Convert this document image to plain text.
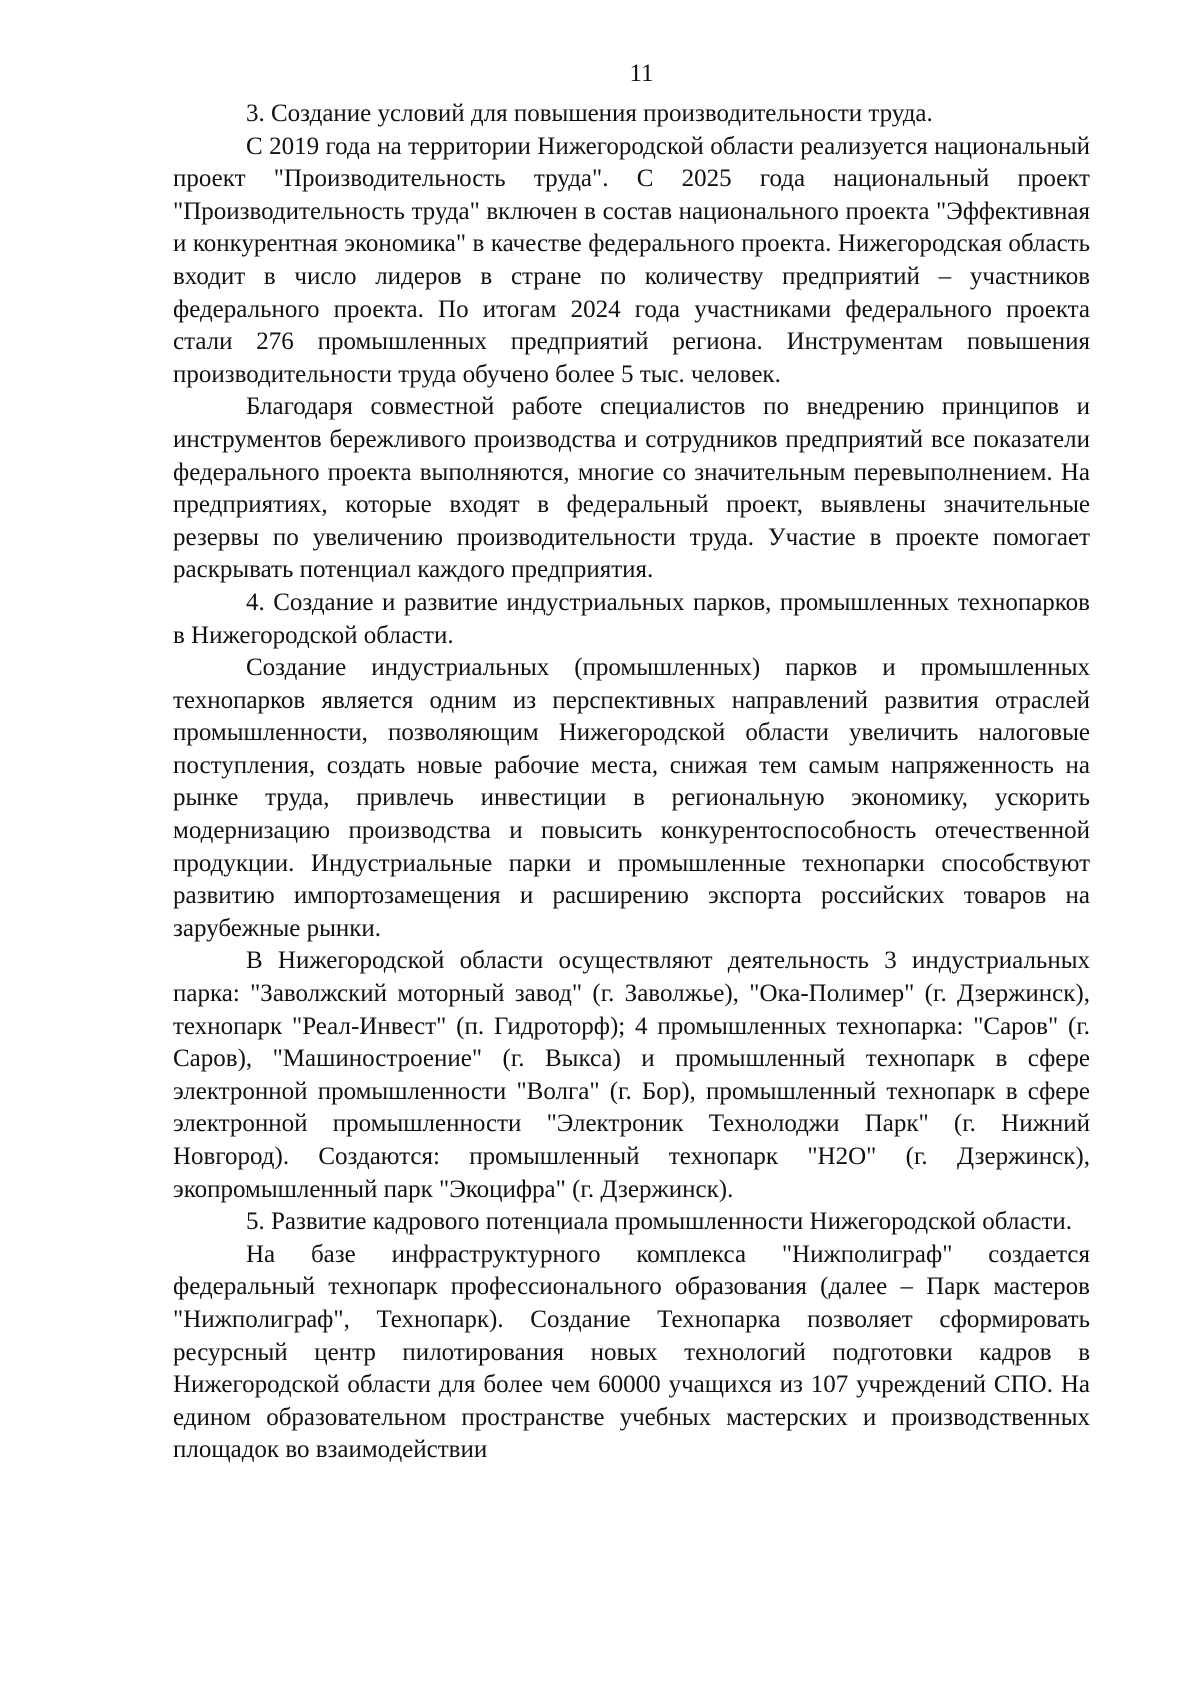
11

3. Создание условий для повышения производительности труда.

С 2019 года на территории Нижегородской области реализуется национальный проект "Производительность труда". С 2025 года национальный проект "Производительность труда" включен в состав национального проекта "Эффективная и конкурентная экономика" в качестве федерального проекта. Нижегородская область входит в число лидеров в стране по количеству предприятий – участников федерального проекта. По итогам 2024 года участниками федерального проекта стали 276 промышленных предприятий региона. Инструментам повышения производительности труда обучено более 5 тыс. человек.

Благодаря совместной работе специалистов по внедрению принципов и инструментов бережливого производства и сотрудников предприятий все показатели федерального проекта выполняются, многие со значительным перевыполнением. На предприятиях, которые входят в федеральный проект, выявлены значительные резервы по увеличению производительности труда. Участие в проекте помогает раскрывать потенциал каждого предприятия.

4. Создание и развитие индустриальных парков, промышленных технопарков в Нижегородской области.

Создание индустриальных (промышленных) парков и промышленных технопарков является одним из перспективных направлений развития отраслей промышленности, позволяющим Нижегородской области увеличить налоговые поступления, создать новые рабочие места, снижая тем самым напряженность на рынке труда, привлечь инвестиции в региональную экономику, ускорить модернизацию производства и повысить конкурентоспособность отечественной продукции. Индустриальные парки и промышленные технопарки способствуют развитию импортозамещения и расширению экспорта российских товаров на зарубежные рынки.

В Нижегородской области осуществляют деятельность 3 индустриальных парка: "Заволжский моторный завод" (г. Заволжье), "Ока-Полимер" (г. Дзержинск), технопарк "Реал-Инвест" (п. Гидроторф); 4 промышленных технопарка: "Саров" (г. Саров), "Машиностроение" (г. Выкса) и промышленный технопарк в сфере электронной промышленности "Волга" (г. Бор), промышленный технопарк в сфере электронной промышленности "Электроник Технолоджи Парк" (г. Нижний Новгород). Создаются: промышленный технопарк "H2O" (г. Дзержинск), экопромышленный парк "Экоцифра" (г. Дзержинск).

5. Развитие кадрового потенциала промышленности Нижегородской области.

На базе инфраструктурного комплекса "Нижполиграф" создается федеральный технопарк профессионального образования (далее – Парк мастеров "Нижполиграф", Технопарк). Создание Технопарка позволяет сформировать ресурсный центр пилотирования новых технологий подготовки кадров в Нижегородской области для более чем 60000 учащихся из 107 учреждений СПО. На едином образовательном пространстве учебных мастерских и производственных площадок во взаимодействии
